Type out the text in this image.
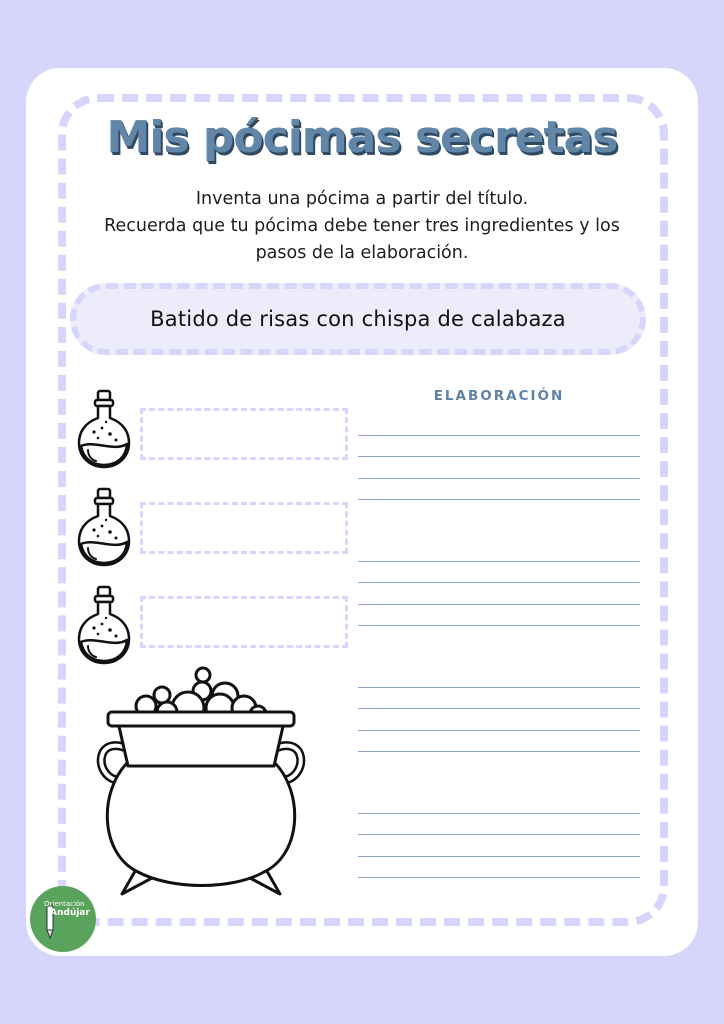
Mis pócimas secretas
Inventa una pócima a partir del título.
Recuerda que tu pócima debe tener tres ingredientes y los
pasos de la elaboración.
Batido de risas con chispa de calabaza
ELABORACIÓN
Orientación
Andújar
